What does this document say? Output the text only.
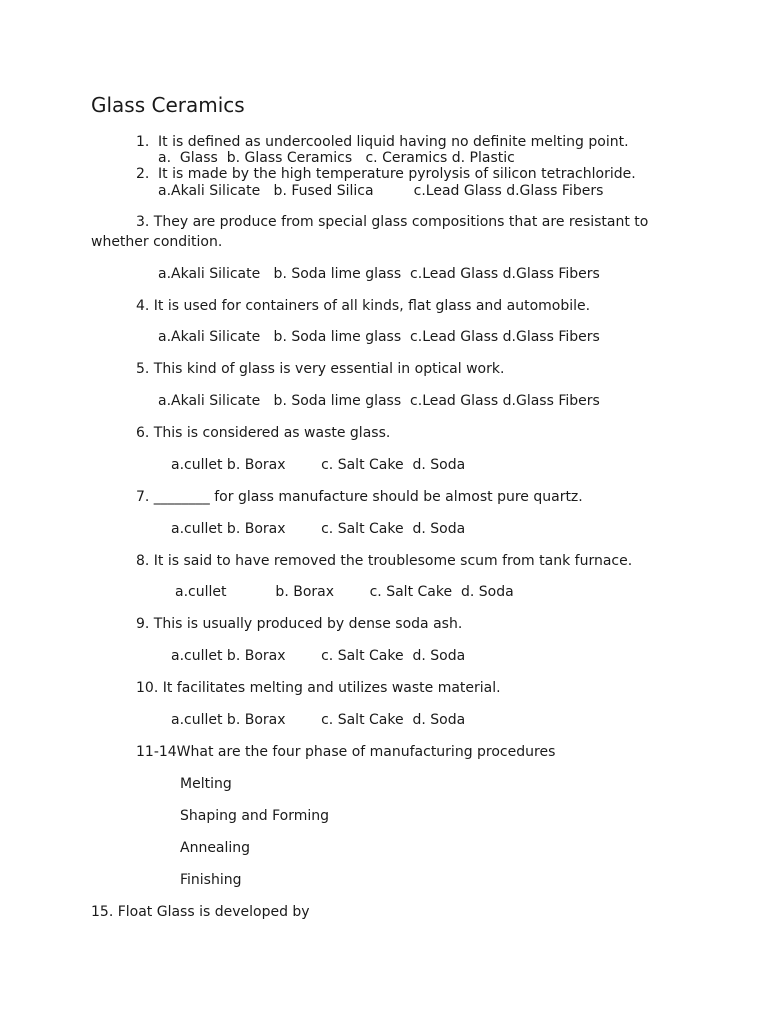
Glass Ceramics
1. It is defined as undercooled liquid having no definite melting point.
a.  Glass  b. Glass Ceramics   c. Ceramics d. Plastic
2. It is made by the high temperature pyrolysis of silicon tetrachloride.
a.Akali Silicate   b. Fused Silica         c.Lead Glass d.Glass Fibers
3. They are produce from special glass compositions that are resistant to
whether condition.
a.Akali Silicate   b. Soda lime glass  c.Lead Glass d.Glass Fibers
4. It is used for containers of all kinds, flat glass and automobile.
a.Akali Silicate   b. Soda lime glass  c.Lead Glass d.Glass Fibers
5. This kind of glass is very essential in optical work.
a.Akali Silicate   b. Soda lime glass  c.Lead Glass d.Glass Fibers
6. This is considered as waste glass.
a.cullet b. Borax        c. Salt Cake  d. Soda
7. ________ for glass manufacture should be almost pure quartz.
a.cullet b. Borax        c. Salt Cake  d. Soda
8. It is said to have removed the troublesome scum from tank furnace.
a.cullet           b. Borax        c. Salt Cake  d. Soda
9. This is usually produced by dense soda ash.
a.cullet b. Borax        c. Salt Cake  d. Soda
10. It facilitates melting and utilizes waste material.
a.cullet b. Borax        c. Salt Cake  d. Soda
11-14What are the four phase of manufacturing procedures
Melting
Shaping and Forming
Annealing
Finishing
15. Float Glass is developed by
